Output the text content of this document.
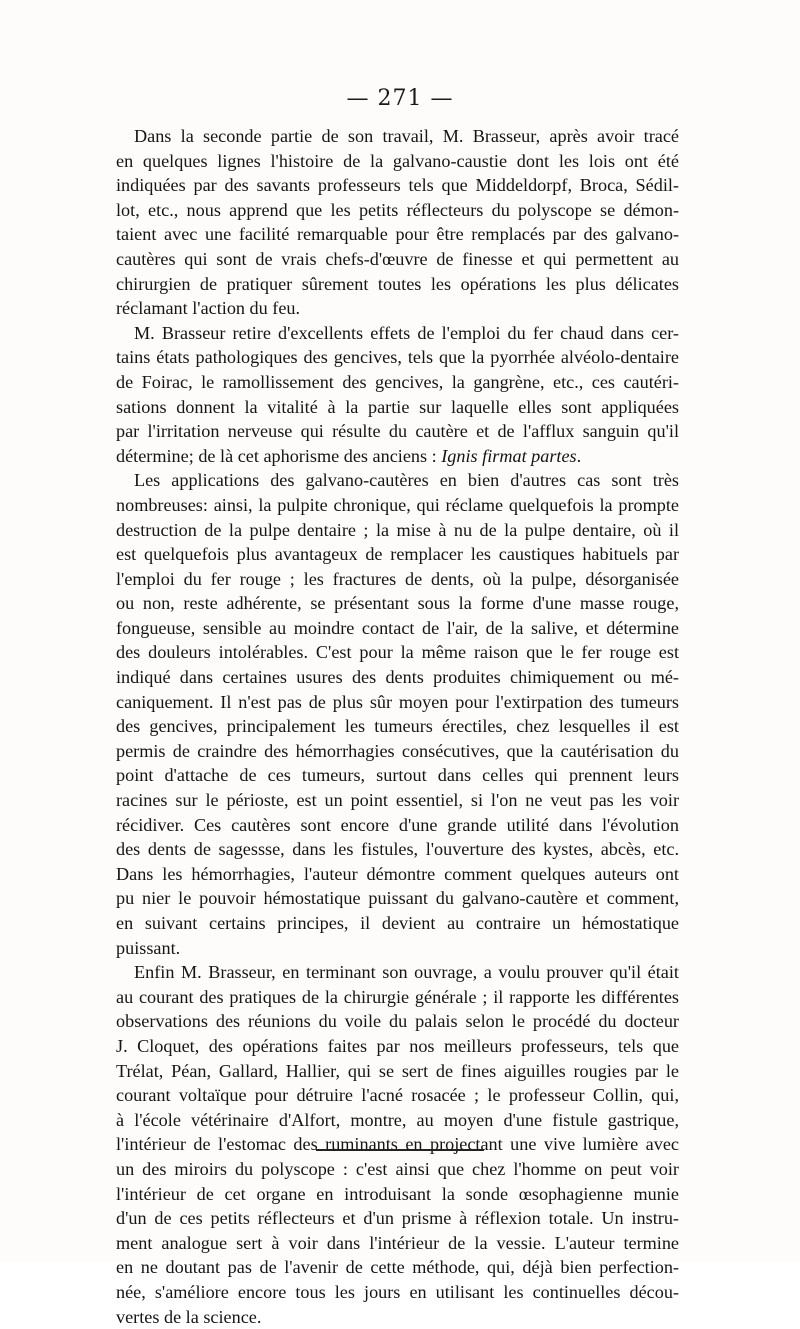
— 271 —
Dans la seconde partie de son travail, M. Brasseur, après avoir tracé
en quelques lignes l'histoire de la galvano-caustie dont les lois ont été
indiquées par des savants professeurs tels que Middeldorpf, Broca, Sédil-
lot, etc., nous apprend que les petits réflecteurs du polyscope se démon-
taient avec une facilité remarquable pour être remplacés par des galvano-
cautères qui sont de vrais chefs-d'œuvre de finesse et qui permettent au
chirurgien de pratiquer sûrement toutes les opérations les plus délicates
réclamant l'action du feu.
M. Brasseur retire d'excellents effets de l'emploi du fer chaud dans cer-
tains états pathologiques des gencives, tels que la pyorrhée alvéolo-dentaire
de Foirac, le ramollissement des gencives, la gangrène, etc., ces cautéri-
sations donnent la vitalité à la partie sur laquelle elles sont appliquées
par l'irritation nerveuse qui résulte du cautère et de l'afflux sanguin qu'il
détermine; de là cet aphorisme des anciens : Ignis firmat partes.
Les applications des galvano-cautères en bien d'autres cas sont très
nombreuses: ainsi, la pulpite chronique, qui réclame quelquefois la prompte
destruction de la pulpe dentaire ; la mise à nu de la pulpe dentaire, où il
est quelquefois plus avantageux de remplacer les caustiques habituels par
l'emploi du fer rouge ; les fractures de dents, où la pulpe, désorganisée
ou non, reste adhérente, se présentant sous la forme d'une masse rouge,
fongueuse, sensible au moindre contact de l'air, de la salive, et détermine
des douleurs intolérables. C'est pour la même raison que le fer rouge est
indiqué dans certaines usures des dents produites chimiquement ou mé-
caniquement. Il n'est pas de plus sûr moyen pour l'extirpation des tumeurs
des gencives, principalement les tumeurs érectiles, chez lesquelles il est
permis de craindre des hémorrhagies consécutives, que la cautérisation du
point d'attache de ces tumeurs, surtout dans celles qui prennent leurs
racines sur le périoste, est un point essentiel, si l'on ne veut pas les voir
récidiver. Ces cautères sont encore d'une grande utilité dans l'évolution
des dents de sagessse, dans les fistules, l'ouverture des kystes, abcès, etc.
Dans les hémorrhagies, l'auteur démontre comment quelques auteurs ont
pu nier le pouvoir hémostatique puissant du galvano-cautère et comment,
en suivant certains principes, il devient au contraire un hémostatique
puissant.
Enfin M. Brasseur, en terminant son ouvrage, a voulu prouver qu'il était
au courant des pratiques de la chirurgie générale ; il rapporte les différentes
observations des réunions du voile du palais selon le procédé du docteur
J. Cloquet, des opérations faites par nos meilleurs professeurs, tels que
Trélat, Péan, Gallard, Hallier, qui se sert de fines aiguilles rougies par le
courant voltaïque pour détruire l'acné rosacée ; le professeur Collin, qui,
à l'école vétérinaire d'Alfort, montre, au moyen d'une fistule gastrique,
l'intérieur de l'estomac des ruminants en projectant une vive lumière avec
un des miroirs du polyscope : c'est ainsi que chez l'homme on peut voir
l'intérieur de cet organe en introduisant la sonde œsophagienne munie
d'un de ces petits réflecteurs et d'un prisme à réflexion totale. Un instru-
ment analogue sert à voir dans l'intérieur de la vessie. L'auteur termine
en ne doutant pas de l'avenir de cette méthode, qui, déjà bien perfection-
née, s'améliore encore tous les jours en utilisant les continuelles décou-
vertes de la science.
